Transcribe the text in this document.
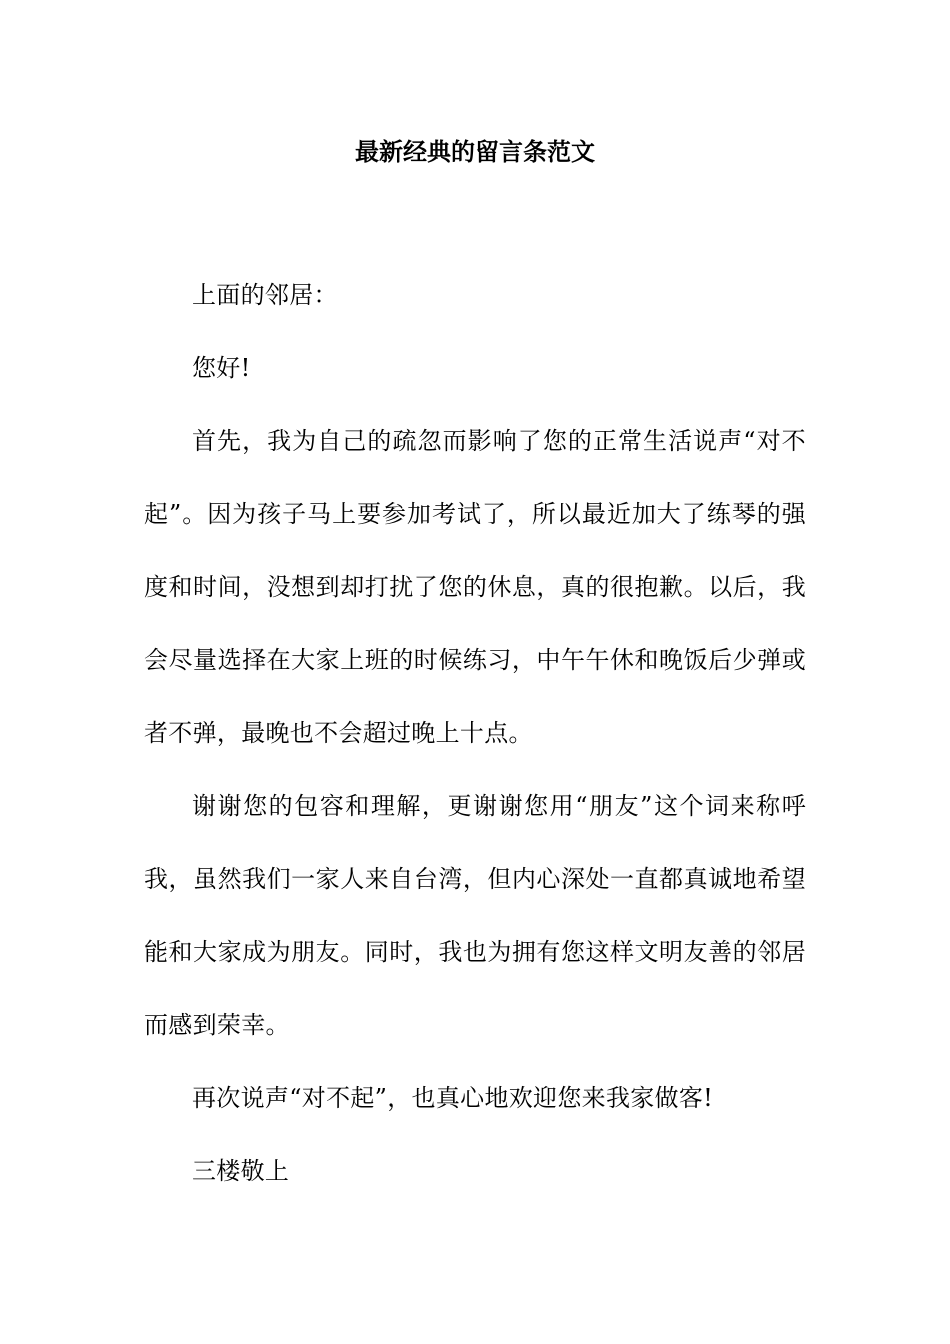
最新经典的留言条范文

上面的邻居：

您好!

首先，我为自己的疏忽而影响了您的正常生活说声“对不起”。因为孩子马上要参加考试了，所以最近加大了练琴的强度和时间，没想到却打扰了您的休息，真的很抱歉。以后，我会尽量选择在大家上班的时候练习，中午午休和晚饭后少弹或者不弹，最晚也不会超过晚上十点。

谢谢您的包容和理解，更谢谢您用“朋友”这个词来称呼我，虽然我们一家人来自台湾，但内心深处一直都真诚地希望能和大家成为朋友。同时，我也为拥有您这样文明友善的邻居而感到荣幸。

再次说声“对不起”，也真心地欢迎您来我家做客!

三楼敬上
